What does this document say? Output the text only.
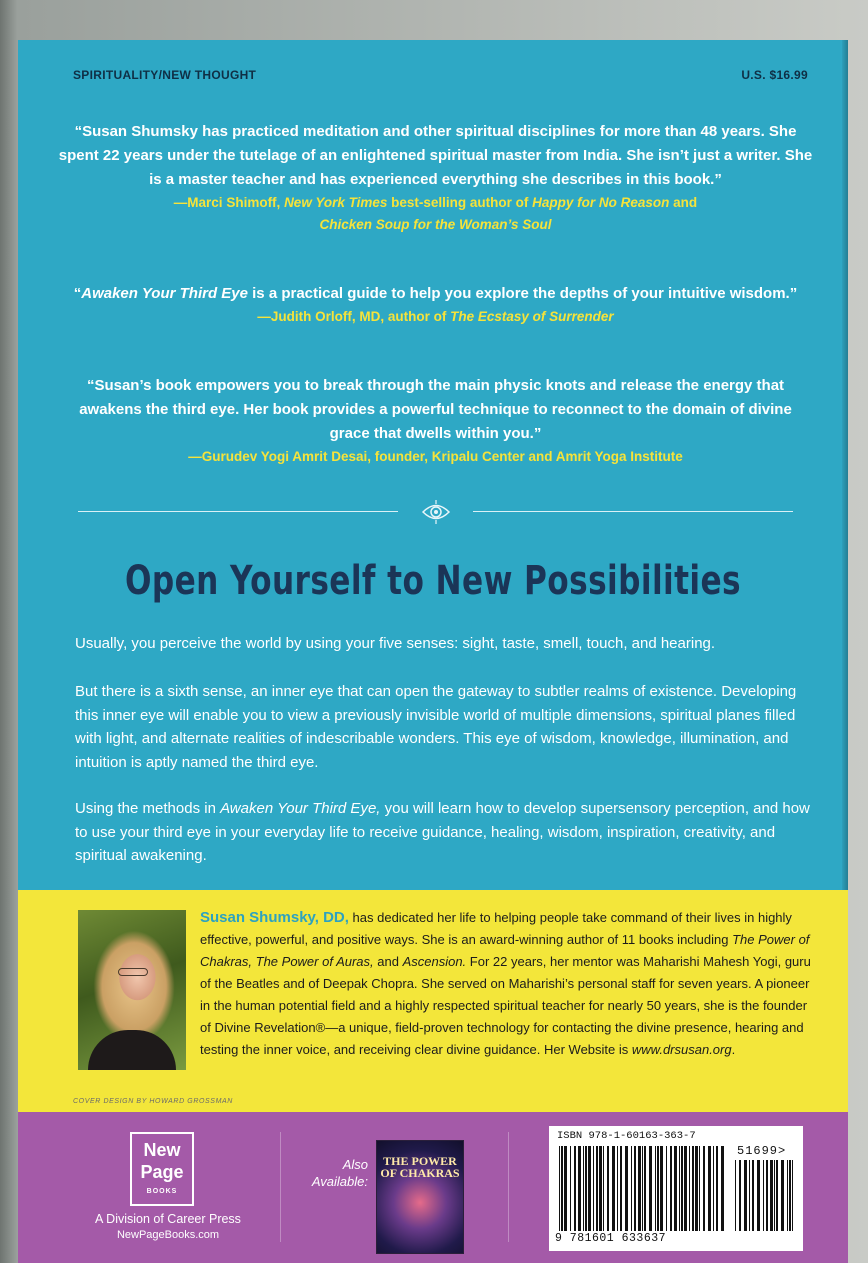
SPIRITUALITY/NEW THOUGHT	U.S. $16.99
“Susan Shumsky has practiced meditation and other spiritual disciplines for more than 48 years. She spent 22 years under the tutelage of an enlightened spiritual master from India. She isn’t just a writer. She is a master teacher and has experienced everything she describes in this book.”
—Marci Shimoff, New York Times best-selling author of Happy for No Reason and
Chicken Soup for the Woman’s Soul
“Awaken Your Third Eye is a practical guide to help you explore the depths of your intuitive wisdom.”
—Judith Orloff, MD, author of The Ecstasy of Surrender
“Susan’s book empowers you to break through the main physic knots and release the energy that awakens the third eye. Her book provides a powerful technique to reconnect to the domain of divine grace that dwells within you.”
—Gurudev Yogi Amrit Desai, founder, Kripalu Center and Amrit Yoga Institute
Open Yourself to New Possibilities
Usually, you perceive the world by using your five senses: sight, taste, smell, touch, and hearing.
But there is a sixth sense, an inner eye that can open the gateway to subtler realms of existence. Developing this inner eye will enable you to view a previously invisible world of multiple dimensions, spiritual planes filled with light, and alternate realities of indescribable wonders. This eye of wisdom, knowledge, illumination, and intuition is aptly named the third eye.
Using the methods in Awaken Your Third Eye, you will learn how to develop supersensory perception, and how to use your third eye in your everyday life to receive guidance, healing, wisdom, inspiration, creativity, and spiritual awakening.
Susan Shumsky, DD, has dedicated her life to helping people take command of their lives in highly effective, powerful, and positive ways. She is an award-winning author of 11 books including The Power of Chakras, The Power of Auras, and Ascension. For 22 years, her mentor was Maharishi Mahesh Yogi, guru of the Beatles and of Deepak Chopra. She served on Maharishi’s personal staff for seven years. A pioneer in the human potential field and a highly respected spiritual teacher for nearly 50 years, she is the founder of Divine Revelation®—a unique, field-proven technology for contacting the divine presence, hearing and testing the inner voice, and receiving clear divine guidance. Her Website is www.drsusan.org.
COVER DESIGN BY HOWARD GROSSMAN
New
Page
BOOKS
A Division of Career Press
NewPageBooks.com
Also
Available:
THE POWER OF CHAKRAS
ISBN 978-1-60163-363-7
51699>
9 781601 633637
